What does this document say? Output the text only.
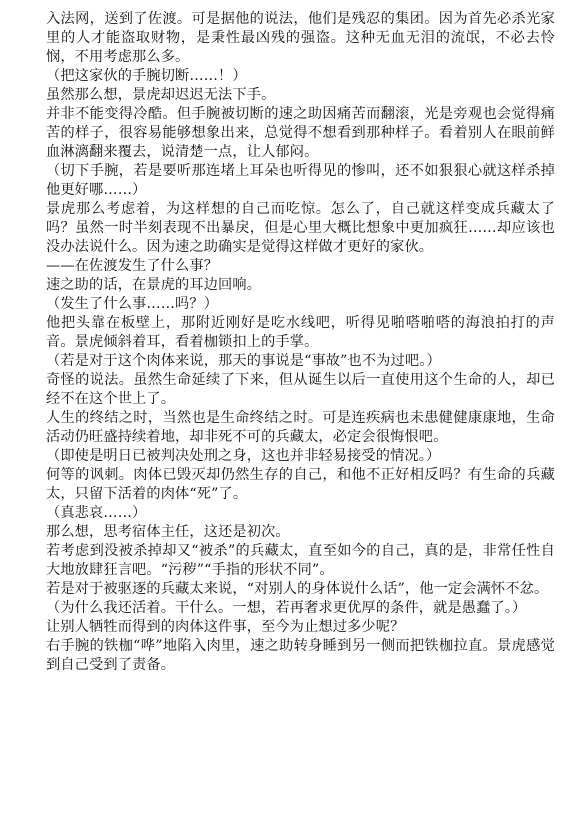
入法网，送到了佐渡。可是据他的说法，他们是残忍的集团。因为首先必杀光家里的人才能盗取财物，是秉性最凶残的强盗。这种无血无泪的流氓，不必去怜悯，不用考虑那么多。

（把这家伙的手腕切断……！）

虽然那么想，景虎却迟迟无法下手。

并非不能变得冷酷。但手腕被切断的速之助因痛苦而翻滚，光是旁观也会觉得痛苦的样子，很容易能够想象出来，总觉得不想看到那种样子。看着别人在眼前鲜血淋漓翻来覆去，说清楚一点，让人郁闷。

（切下手腕，若是要听那连堵上耳朵也听得见的惨叫，还不如狠狠心就这样杀掉他更好哪……）

景虎那么考虑着，为这样想的自己而吃惊。怎么了，自己就这样变成兵藏太了吗？虽然一时半刻表现不出暴戾，但是心里大概比想象中更加疯狂……却应该也没办法说什么。因为速之助确实是觉得这样做才更好的家伙。

——在佐渡发生了什么事？

速之助的话，在景虎的耳边回响。

（发生了什么事……吗？）

他把头靠在板壁上，那附近刚好是吃水线吧，听得见啪嗒啪嗒的海浪拍打的声音。景虎倾斜着耳，看着枷锁扣上的手掌。

（若是对于这个肉体来说，那天的事说是“事故”也不为过吧。）

奇怪的说法。虽然生命延续了下来，但从诞生以后一直使用这个生命的人，却已经不在这个世上了。

人生的终结之时，当然也是生命终结之时。可是连疾病也未患健健康康地，生命活动仍旺盛持续着地，却非死不可的兵藏太，必定会很悔恨吧。

（即使是明日已被判决处刑之身，这也并非轻易接受的情况。）

何等的讽刺。肉体已毁灭却仍然生存的自己，和他不正好相反吗？有生命的兵藏太，只留下活着的肉体“死”了。

（真悲哀……）

那么想，思考宿体主任，这还是初次。

若考虑到没被杀掉却又“被杀”的兵藏太，直至如今的自己，真的是，非常任性自大地放肆狂言吧。“污秽”“手指的形状不同”。

若是对于被驱逐的兵藏太来说，“对别人的身体说什么话”，他一定会满怀不忿。

（为什么我还活着。干什么。一想，若再奢求更优厚的条件，就是愚蠢了。）

让别人牺牲而得到的肉体这件事，至今为止想过多少呢？

右手腕的铁枷“哗”地陷入肉里，速之助转身睡到另一侧而把铁枷拉直。景虎感觉到自己受到了责备。
